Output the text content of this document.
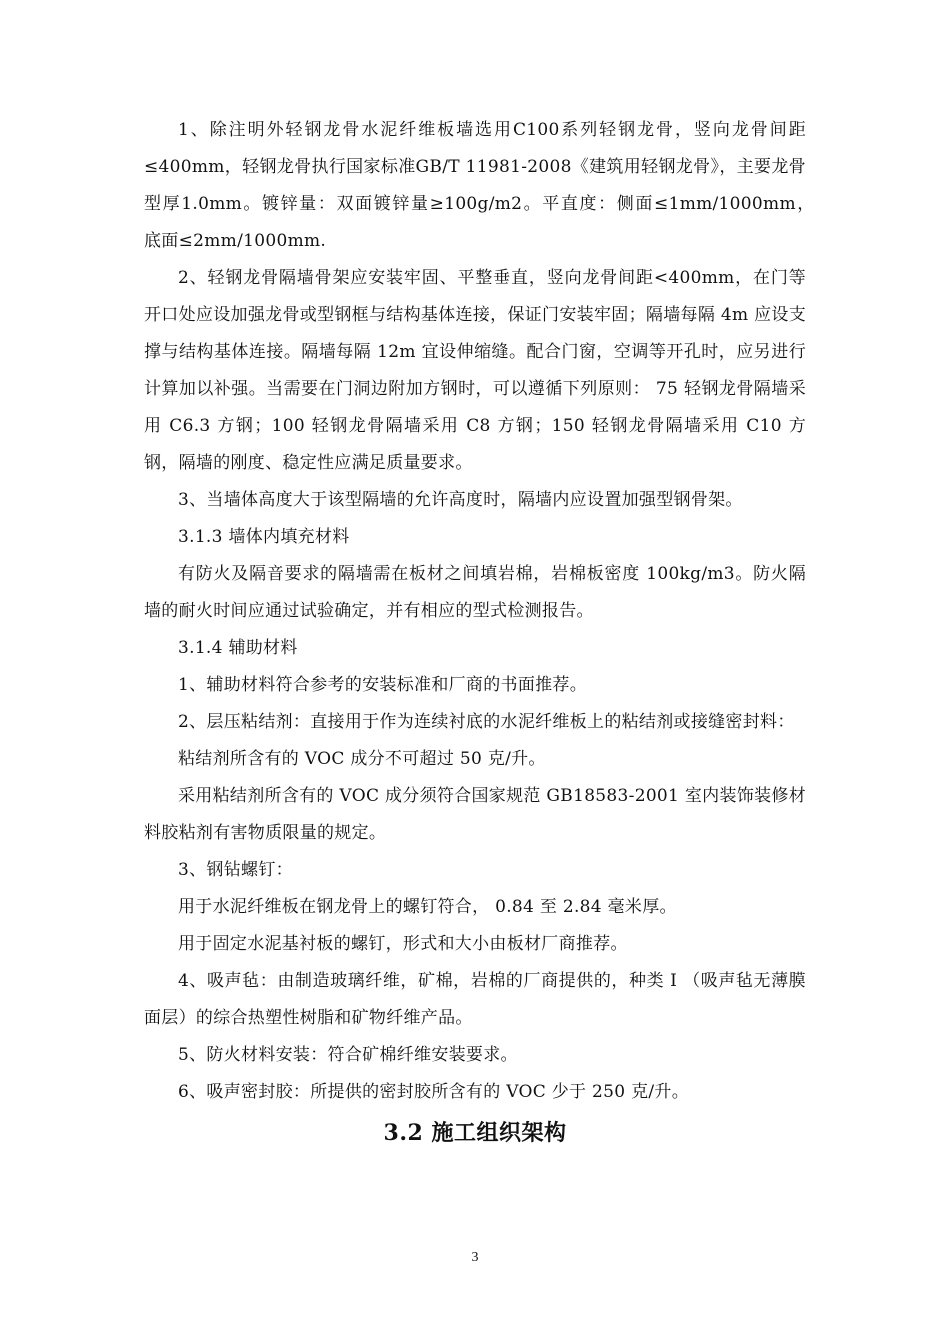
1、除注明外轻钢龙骨水泥纤维板墙选用C100系列轻钢龙骨，竖向龙骨间距≤400mm，轻钢龙骨执行国家标准GB/T 11981-2008《建筑用轻钢龙骨》，主要龙骨型厚1.0mm。镀锌量：双面镀锌量≥100g/m2。平直度：侧面≤1mm/1000mm，　底面≤2mm/1000mm.

2、轻钢龙骨隔墙骨架应安装牢固、平整垂直，竖向龙骨间距<400mm，在门等开口处应设加强龙骨或型钢框与结构基体连接，保证门安装牢固；隔墙每隔 4m 应设支撑与结构基体连接。隔墙每隔 12m 宜设伸缩缝。配合门窗，空调等开孔时，应另进行计算加以补强。当需要在门洞边附加方钢时，可以遵循下列原则： 75 轻钢龙骨隔墙采用 C6.3 方钢；100 轻钢龙骨隔墙采用 C8 方钢；150 轻钢龙骨隔墙采用 C10 方钢，隔墙的刚度、稳定性应满足质量要求。

3、当墙体高度大于该型隔墙的允许高度时，隔墙内应设置加强型钢骨架。

3.1.3 墙体内填充材料

有防火及隔音要求的隔墙需在板材之间填岩棉，岩棉板密度 100kg/m3。防火隔墙的耐火时间应通过试验确定，并有相应的型式检测报告。

3.1.4 辅助材料

1、辅助材料符合参考的安装标准和厂商的书面推荐。

2、层压粘结剂：直接用于作为连续衬底的水泥纤维板上的粘结剂或接缝密封料：

粘结剂所含有的 VOC 成分不可超过 50 克/升。

采用粘结剂所含有的 VOC 成分须符合国家规范 GB18583-2001 室内装饰装修材料胶粘剂有害物质限量的规定。

3、钢钻螺钉：

用于水泥纤维板在钢龙骨上的螺钉符合， 0.84 至 2.84 毫米厚。

用于固定水泥基衬板的螺钉，形式和大小由板材厂商推荐。

4、吸声毡：由制造玻璃纤维，矿棉，岩棉的厂商提供的，种类 I （吸声毡无薄膜面层）的综合热塑性树脂和矿物纤维产品。

5、防火材料安装：符合矿棉纤维安装要求。

6、吸声密封胶：所提供的密封胶所含有的 VOC 少于 250 克/升。

3.2 施工组织架构
3
